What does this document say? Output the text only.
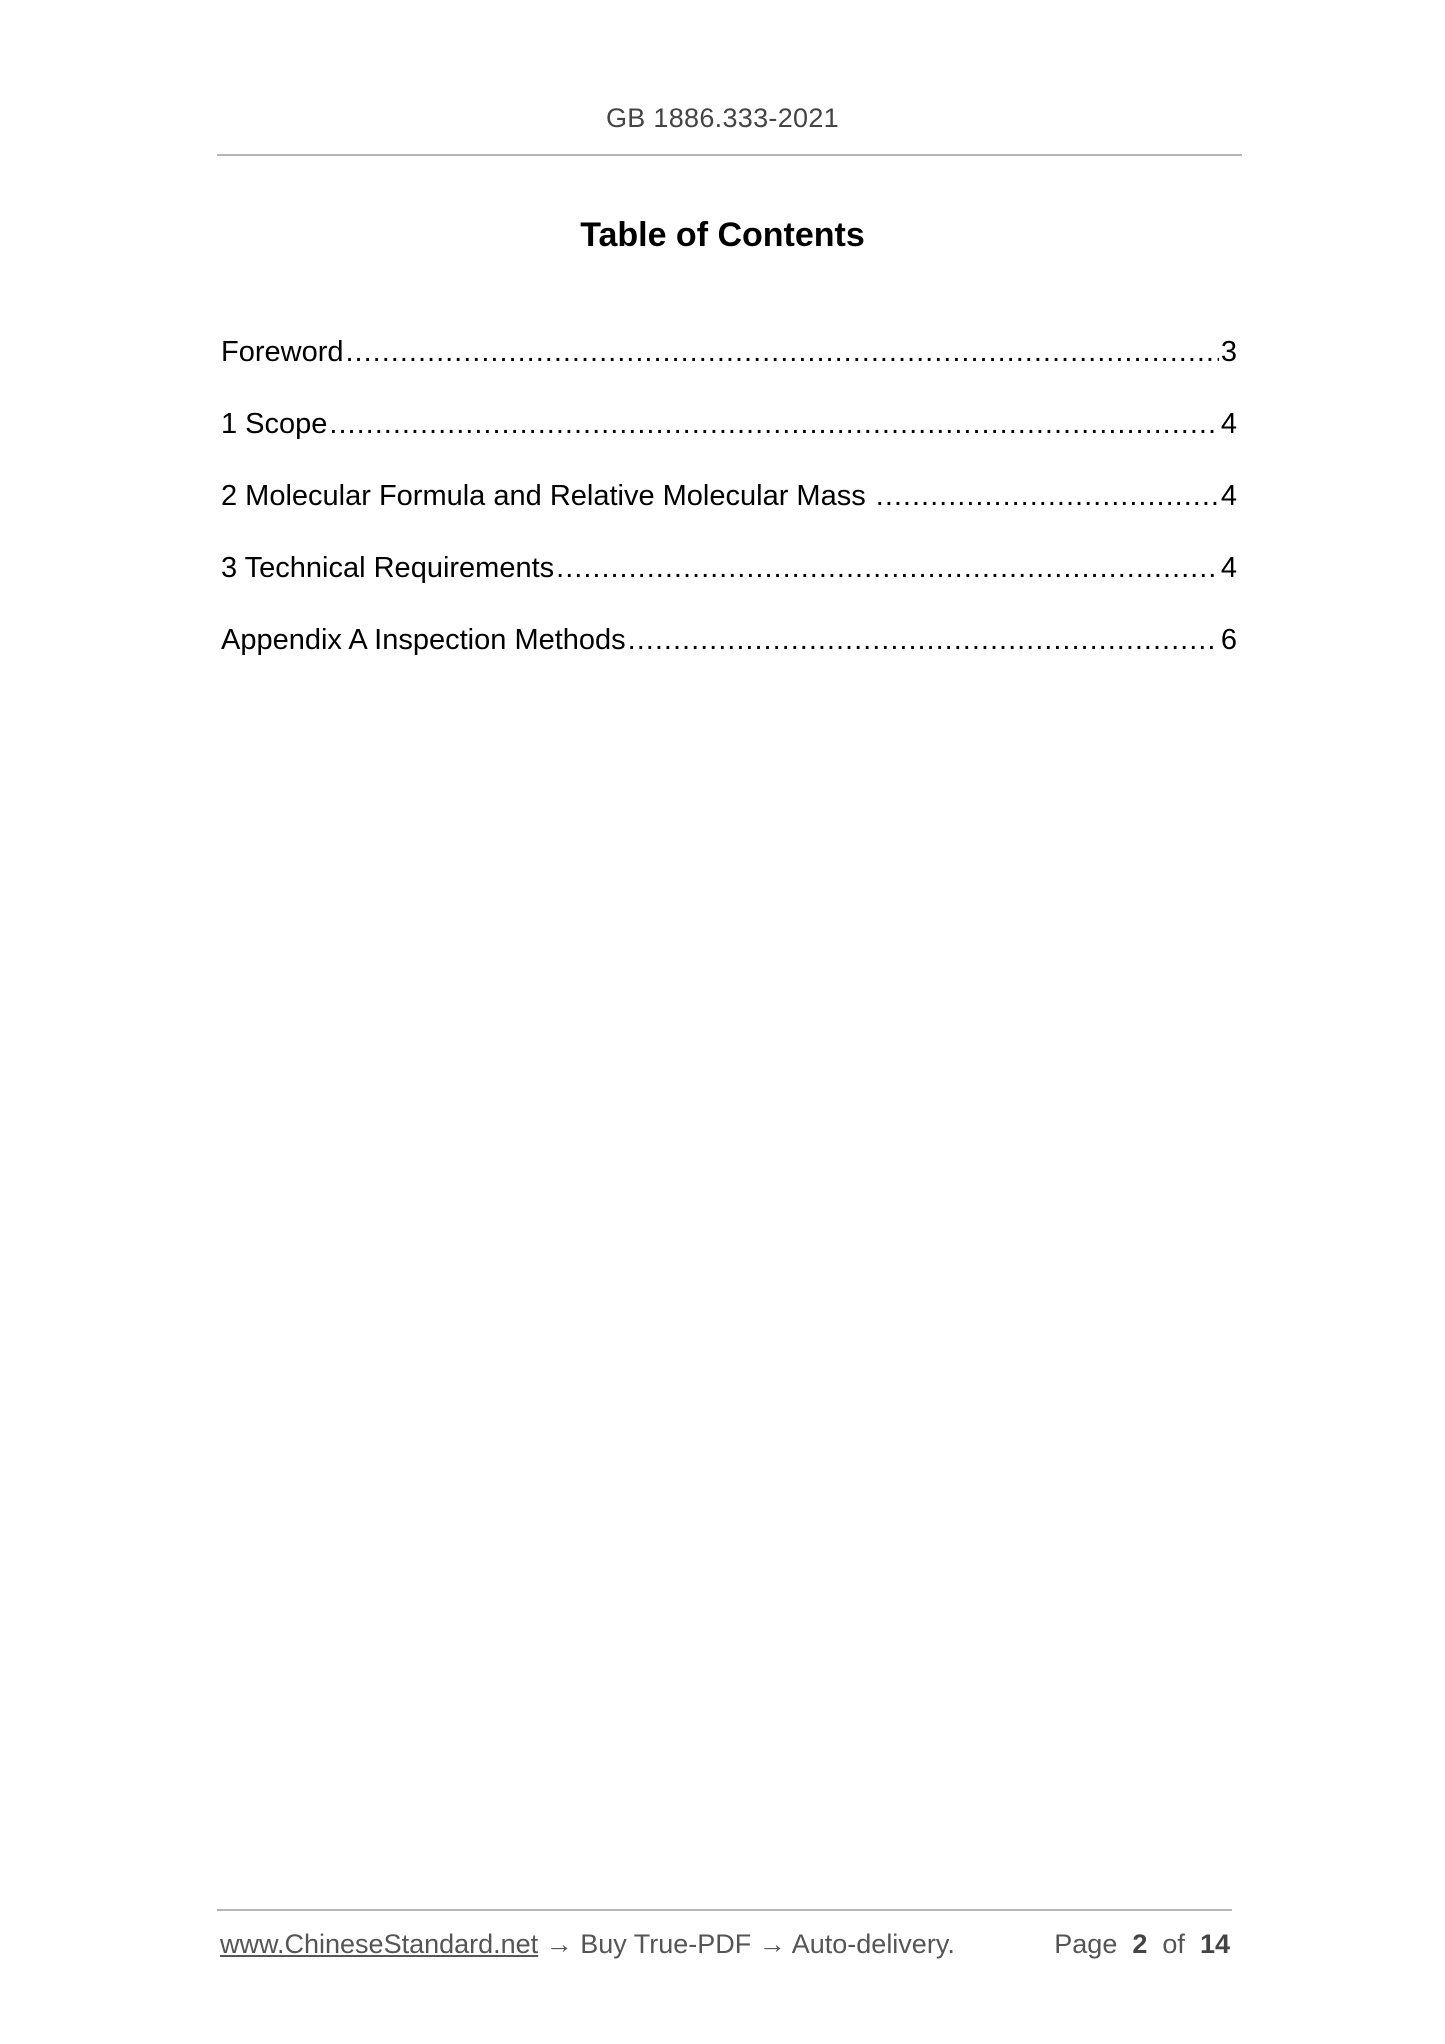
GB 1886.333-2021
Table of Contents
Foreword .....	3
1 Scope .....	4
2 Molecular Formula and Relative Molecular Mass .....	4
3 Technical Requirements .....	4
Appendix A Inspection Methods .....	6
www.ChineseStandard.net → Buy True-PDF → Auto-delivery.	Page 2 of 14
